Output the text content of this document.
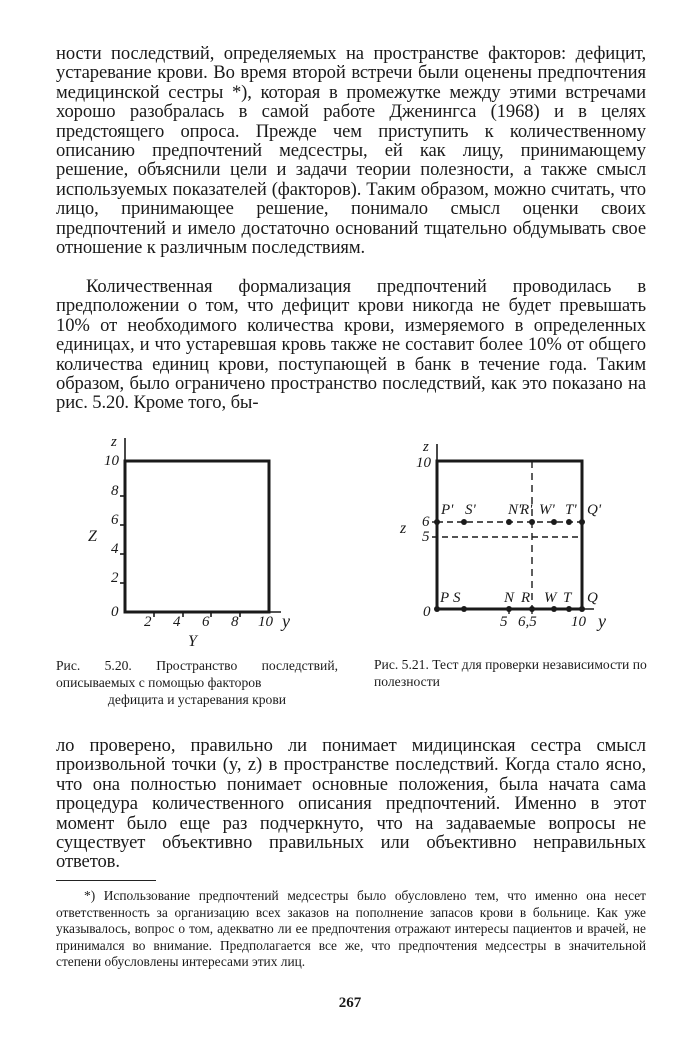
ности последствий, определяемых на пространстве факторов: дефицит, устаревание крови. Во время второй встречи были оценены предпочтения медицинской сестры *), которая в промежутке между этими встречами хорошо разобралась в самой работе Дженингса (1968) и в целях предстоящего опроса. Прежде чем приступить к количественному описанию предпочтений медсестры, ей как лицу, принимающему решение, объяснили цели и задачи теории полезности, а также смысл используемых показателей (факторов). Таким образом, можно считать, что лицо, принимающее решение, понимало смысл оценки своих предпочтений и имело достаточно оснований тщательно обдумывать свое отношение к различным последствиям.

Количественная формализация предпочтений проводилась в предположении о том, что дефицит крови никогда не будет превышать 10% от необходимого количества крови, измеряемого в определенных единицах, и что устаревшая кровь также не составит более 10% от общего количества единиц крови, поступающей в банк в течение года. Таким образом, было ограничено пространство последствий, как это показано на рис. 5.20. Кроме того, бы-

z
Z
10
8
6
4
2
0
2 4 6 8 10 y
Y
z
10
z 6
5
0
P' S' N'
R' W' T' Q'
P S	N R W T Q
5 6,5 10 y

Рис. 5.20. Пространство последствий, описываемых с помощью факторов
дефицита и устаревания крови

Рис. 5.21. Тест для проверки независимости по полезности

ло проверено, правильно ли понимает мидицинская сестра смысл произвольной точки (y, z) в пространстве последствий. Когда стало ясно, что она полностью понимает основные положения, была начата сама процедура количественного описания предпочтений. Именно в этот момент было еще раз подчеркнуто, что на задаваемые вопросы не существует объективно правильных или объективно неправильных ответов.

*) Использование предпочтений медсестры было обусловлено тем, что именно она несет ответственность за организацию всех заказов на пополнение запасов крови в больнице. Как уже указывалось, вопрос о том, адекватно ли ее предпочтения отражают интересы пациентов и врачей, не принимался во внимание. Предполагается все же, что предпочтения медсестры в значительной степени обусловлены интересами этих лиц.

267
